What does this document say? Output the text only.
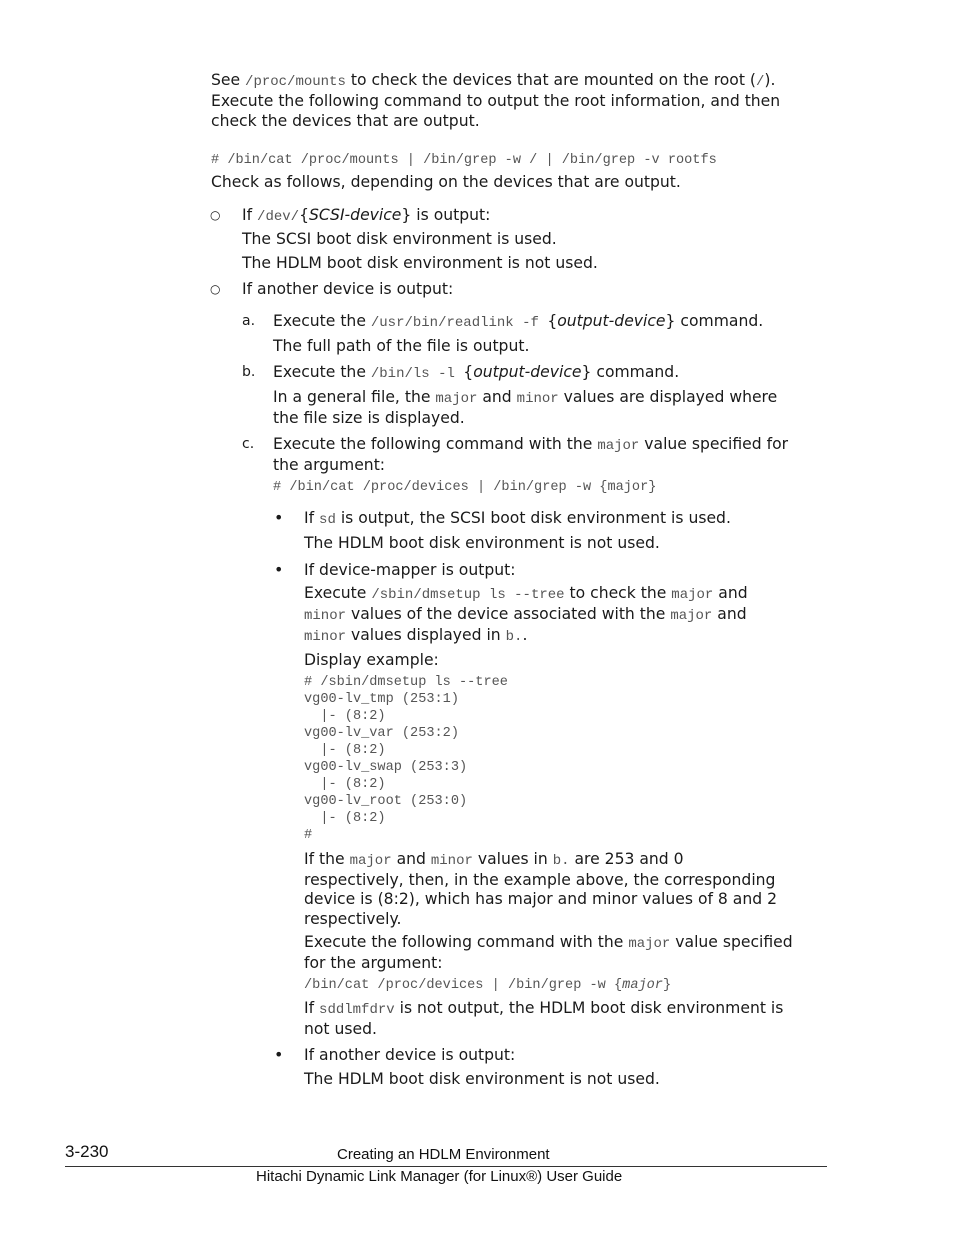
See /proc/mounts to check the devices that are mounted on the root (/).

Execute the following command to output the root information, and then

check the devices that are output.

# /bin/cat /proc/mounts | /bin/grep -w / | /bin/grep -v rootfs

Check as follows, depending on the devices that are output.

○ If /dev/{SCSI-device} is output:

The SCSI boot disk environment is used.

The HDLM boot disk environment is not used.

○ If another device is output:

a. Execute the /usr/bin/readlink -f {output-device} command.

The full path of the file is output.

b. Execute the /bin/ls -l {output-device} command.

In a general file, the major and minor values are displayed where

the file size is displayed.

c. Execute the following command with the major value specified for

the argument:

# /bin/cat /proc/devices | /bin/grep -w {major}
• If sd is output, the SCSI boot disk environment is used.

The HDLM boot disk environment is not used.

• If device-mapper is output:

Execute /sbin/dmsetup ls --tree to check the major and

minor values of the device associated with the major and

minor values displayed in b..

Display example:

# /sbin/dmsetup ls --tree
vg00-lv_tmp (253:1)
|- (8:2)
vg00-lv_var (253:2)
|- (8:2)
vg00-lv_swap (253:3)
|- (8:2)
vg00-lv_root (253:0)
|- (8:2)
#

If the major and minor values in b. are 253 and 0

respectively, then, in the example above, the corresponding

device is (8:2), which has major and minor values of 8 and 2

respectively.

Execute the following command with the major value specified

for the argument:

/bin/cat /proc/devices | /bin/grep -w {major}

If sddlmfdrv is not output, the HDLM boot disk environment is

not used.

• If another device is output:

The HDLM boot disk environment is not used.

3-230	Creating an HDLM Environment
Hitachi Dynamic Link Manager (for Linux®) User Guide
